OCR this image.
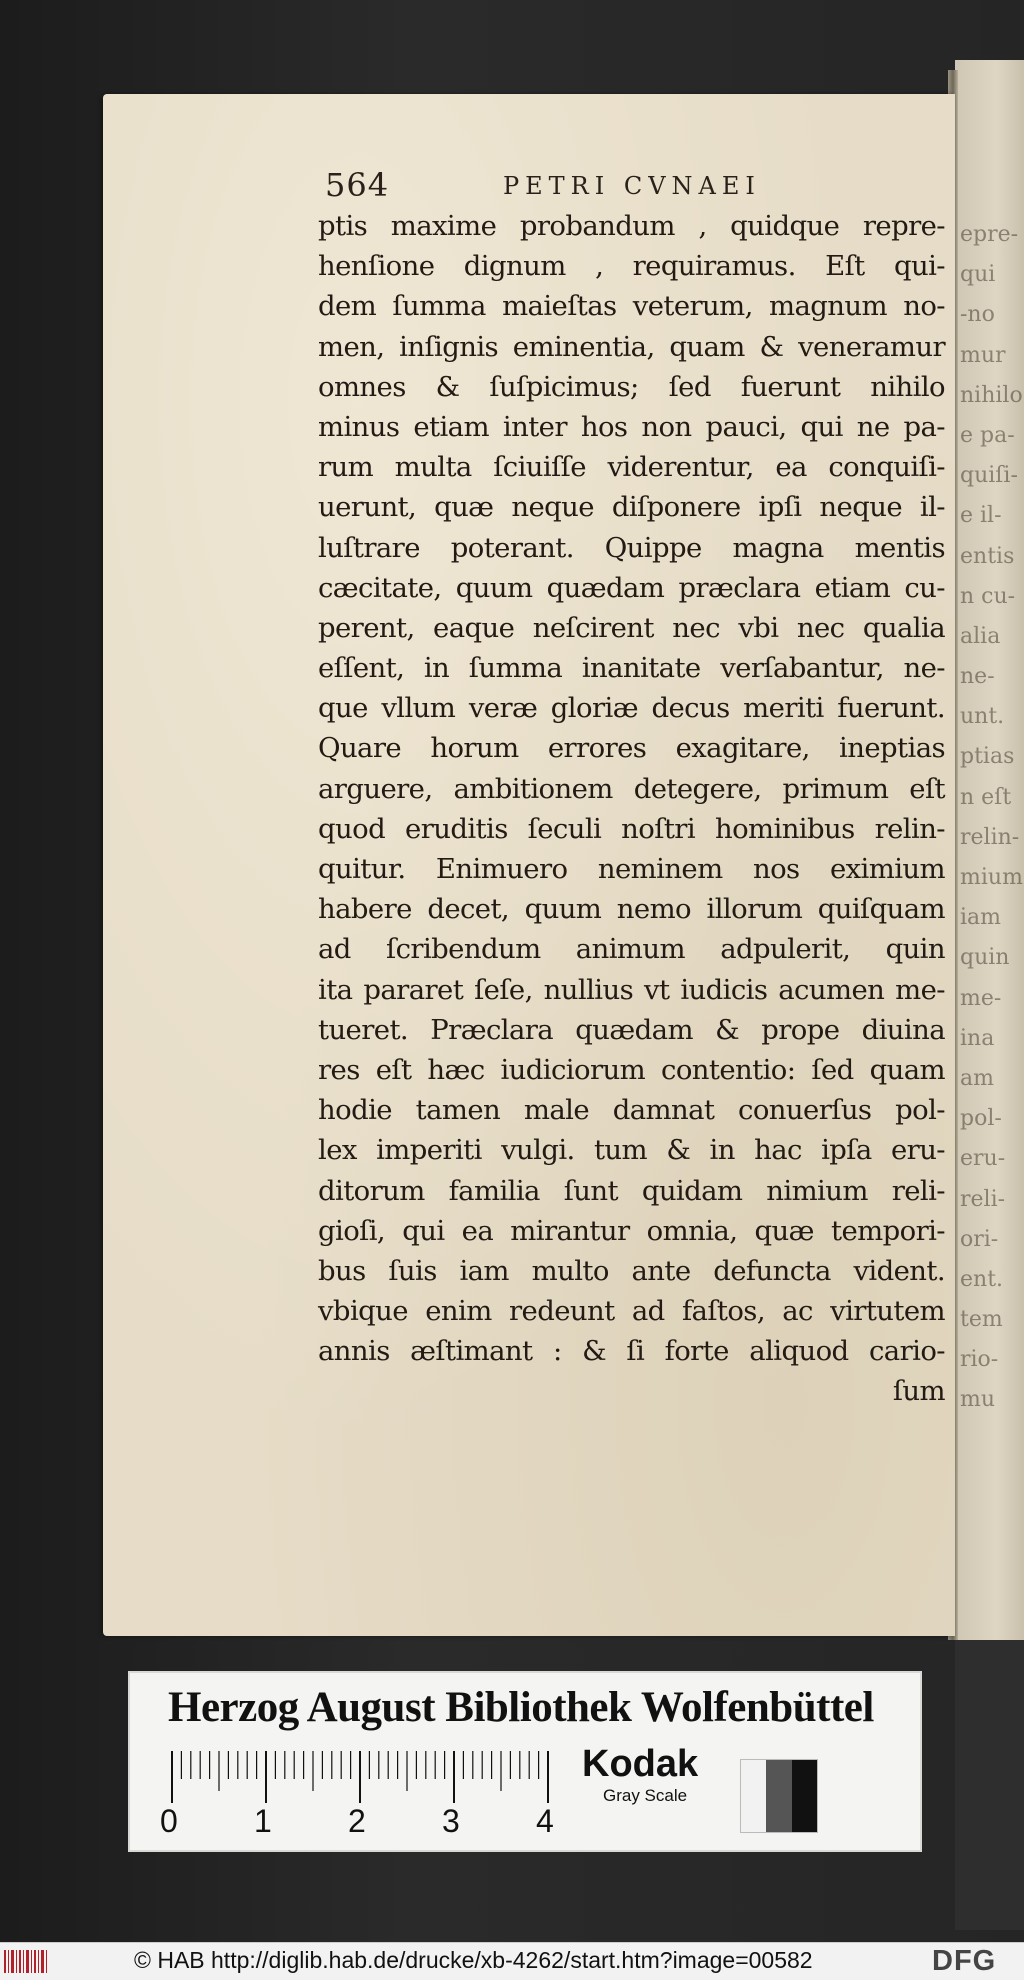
epre-
qui
-no
mur
nihilo
e pa-
quiſi-
e il-
entis
n cu-
alia
ne-
unt.
ptias
n eſt
relin-
mium
iam
quin
me-
ina
am
pol-
eru-
reli-
ori-
ent.
tem
rio-
mu
564	PETRI CVNAEI
ptis maxime probandum , quidque repre-
henſione dignum , requiramus. Eſt qui-
dem ſumma maieſtas veterum, magnum no-
men, inſignis eminentia, quam & veneramur
omnes & ſuſpicimus; ſed fuerunt nihilo
minus etiam inter hos non pauci, qui ne pa-
rum multa ſciuiſſe viderentur, ea conquiſi-
uerunt, quæ neque diſponere ipſi neque il-
luſtrare poterant. Quippe magna mentis
cæcitate, quum quædam præclara etiam cu-
perent, eaque neſcirent nec vbi nec qualia
eſſent, in ſumma inanitate verſabantur, ne-
que vllum veræ gloriæ decus meriti fuerunt.
Quare horum errores exagitare, ineptias
arguere, ambitionem detegere, primum eſt
quod eruditis ſeculi noſtri hominibus relin-
quitur. Enimuero neminem nos eximium
habere decet, quum nemo illorum quiſquam
ad ſcribendum animum adpulerit, quin
ita pararet ſeſe, nullius vt iudicis acumen me-
tueret. Præclara quædam & prope diuina
res eſt hæc iudiciorum contentio: ſed quam
hodie tamen male damnat conuerſus pol-
lex imperiti vulgi. tum & in hac ipſa eru-
ditorum familia ſunt quidam nimium reli-
gioſi, qui ea mirantur omnia, quæ tempori-
bus ſuis iam multo ante defuncta vident.
vbique enim redeunt ad faſtos, ac virtutem
annis æſtimant : & ſi forte aliquod cario-
ſum
Herzog August Bibliothek Wolfenbüttel
0 1 2 3 4
Kodak
Gray Scale
© HAB http://diglib.hab.de/drucke/xb-4262/start.htm?image=00582	DFG
